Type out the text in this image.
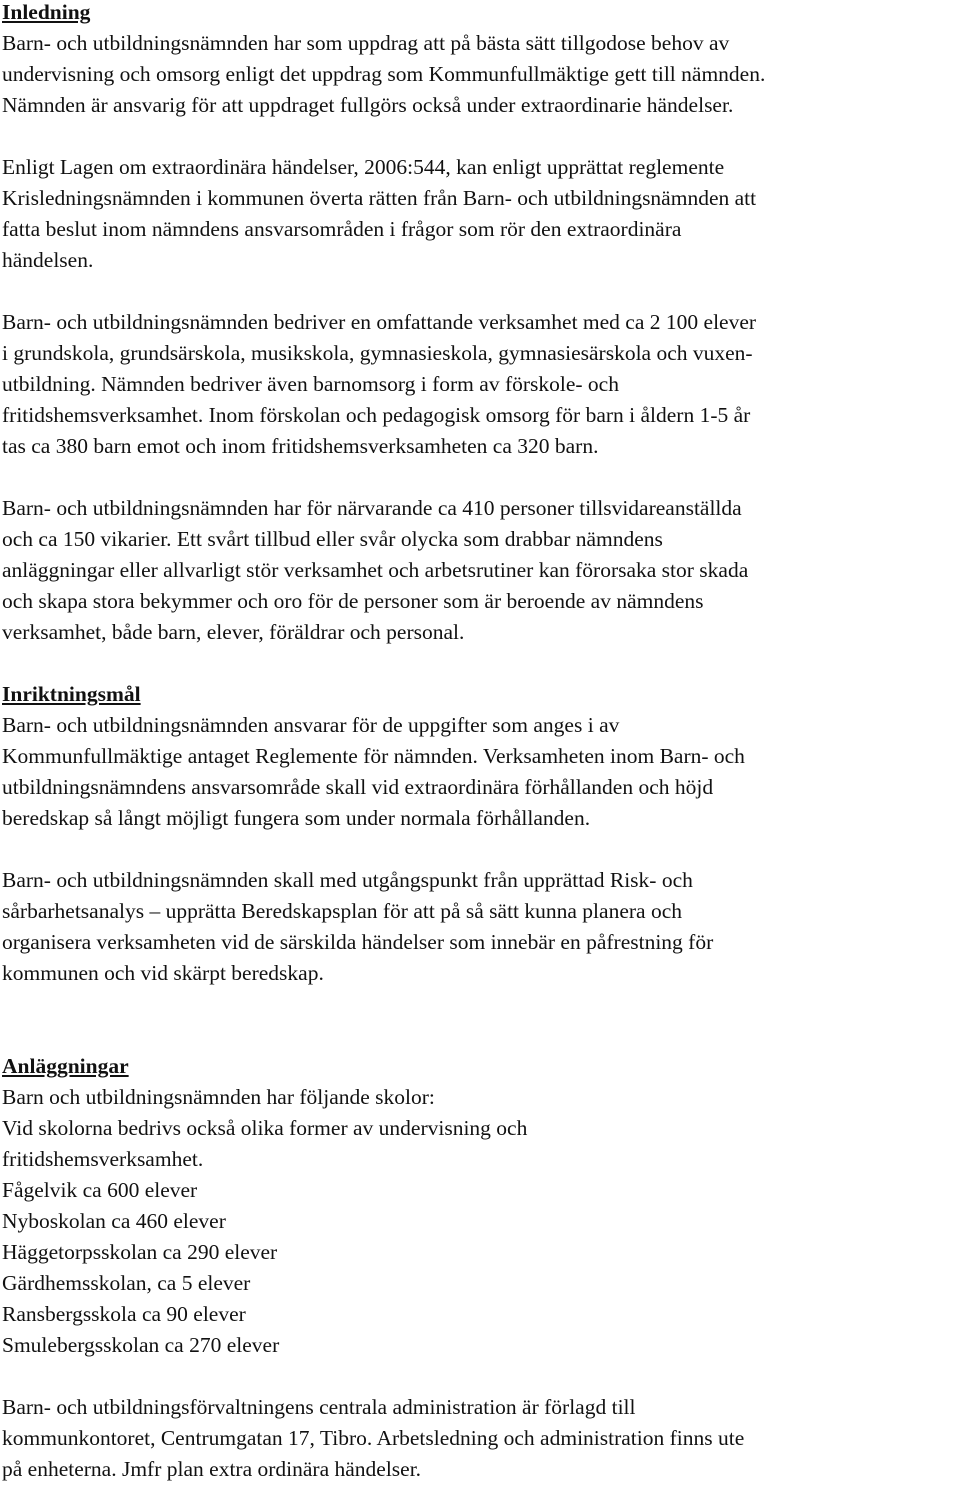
Inledning

Barn- och utbildningsnämnden har som uppdrag att på bästa sätt tillgodose behov av

undervisning och omsorg enligt det uppdrag som Kommunfullmäktige gett till nämnden.

Nämnden är ansvarig för att uppdraget fullgörs också under extraordinarie händelser.

Enligt Lagen om extraordinära händelser, 2006:544, kan enligt upprättat reglemente

Krisledningsnämnden i kommunen överta rätten från Barn- och utbildningsnämnden att

fatta beslut inom nämndens ansvarsområden i frågor som rör den extraordinära

händelsen.

Barn- och utbildningsnämnden bedriver en omfattande verksamhet med ca 2 100 elever

i grundskola, grundsärskola, musikskola, gymnasieskola, gymnasiesärskola och vuxen-

utbildning. Nämnden bedriver även barnomsorg i form av förskole- och

fritidshemsverksamhet. Inom förskolan och pedagogisk omsorg för barn i åldern 1-5 år

tas ca 380 barn emot och inom fritidshemsverksamheten ca 320 barn.

Barn- och utbildningsnämnden har för närvarande ca 410 personer tillsvidareanställda

och ca 150 vikarier. Ett svårt tillbud eller svår olycka som drabbar nämndens

anläggningar eller allvarligt stör verksamhet och arbetsrutiner kan förorsaka stor skada

och skapa stora bekymmer och oro för de personer som är beroende av nämndens

verksamhet, både barn, elever, föräldrar och personal.

Inriktningsmål

Barn- och utbildningsnämnden ansvarar för de uppgifter som anges i av

Kommunfullmäktige antaget Reglemente för nämnden. Verksamheten inom Barn- och

utbildningsnämndens ansvarsområde skall vid extraordinära förhållanden och höjd

beredskap så långt möjligt fungera som under normala förhållanden.

Barn- och utbildningsnämnden skall med utgångspunkt från upprättad Risk- och

sårbarhetsanalys – upprätta Beredskapsplan för att på så sätt kunna planera och

organisera verksamheten vid de särskilda händelser som innebär en påfrestning för

kommunen och vid skärpt beredskap.

Anläggningar

Barn och utbildningsnämnden har följande skolor:

Vid skolorna bedrivs också olika former av undervisning och

fritidshemsverksamhet.

Fågelvik ca 600 elever

Nyboskolan ca 460 elever

Häggetorpsskolan ca 290 elever

Gärdhemsskolan, ca 5 elever

Ransbergsskola ca 90 elever

Smulebergsskolan ca 270 elever

Barn- och utbildningsförvaltningens centrala administration är förlagd till

kommunkontoret, Centrumgatan 17, Tibro. Arbetsledning och administration finns ute

på enheterna. Jmfr plan extra ordinära händelser.
